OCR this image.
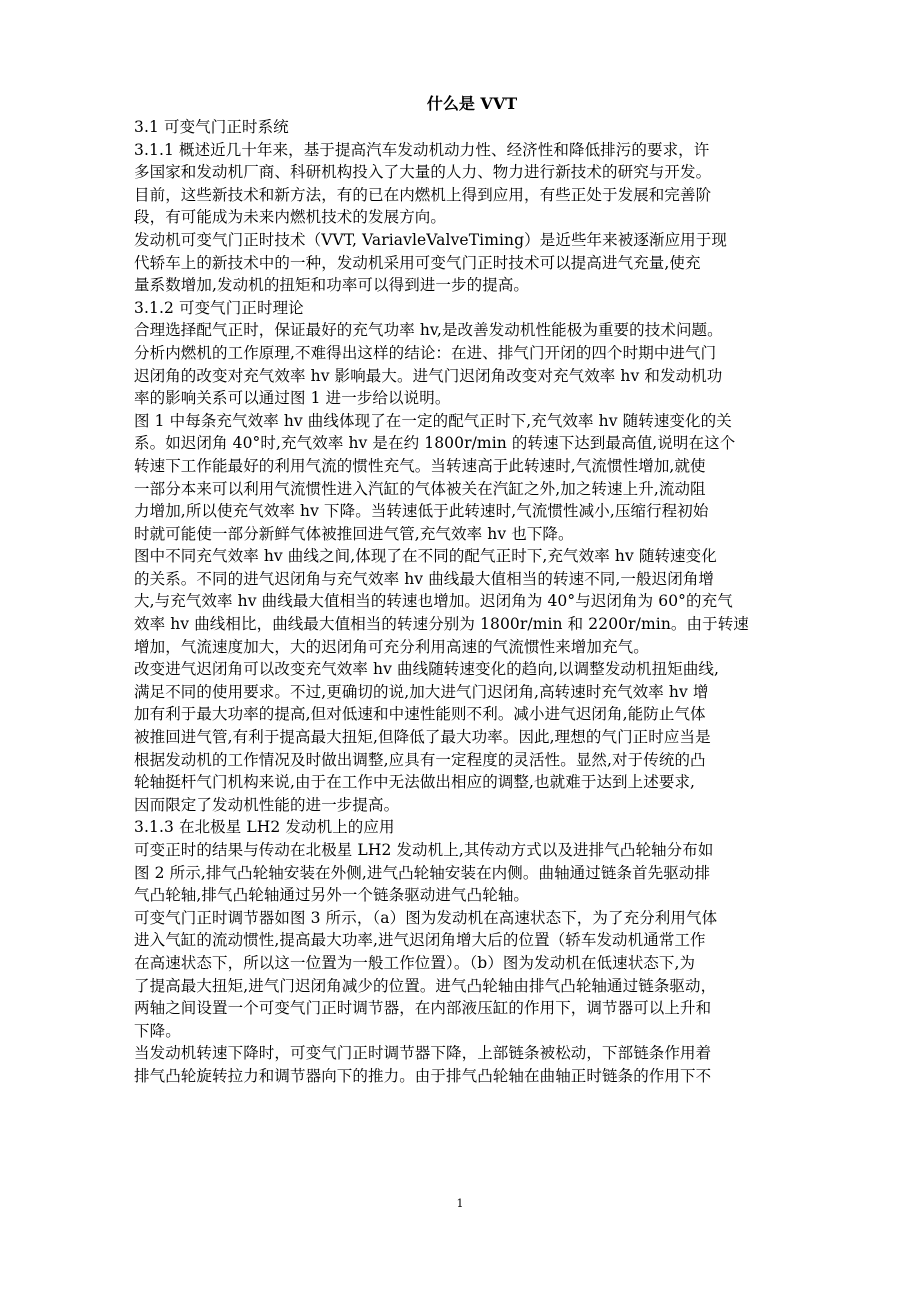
什么是 VVT

3.1 可变气门正时系统

3.1.1 概述近几十年来，基于提高汽车发动机动力性、经济性和降低排污的要求，许

多国家和发动机厂商、科研机构投入了大量的人力、物力进行新技术的研究与开发。

目前，这些新技术和新方法，有的已在内燃机上得到应用，有些正处于发展和完善阶

段，有可能成为未来内燃机技术的发展方向。

发动机可变气门正时技术（VVT, VariavleValveTiming）是近些年来被逐渐应用于现

代轿车上的新技术中的一种，发动机采用可变气门正时技术可以提高进气充量,使充

量系数增加,发动机的扭矩和功率可以得到进一步的提高。

3.1.2 可变气门正时理论

合理选择配气正时，保证最好的充气功率 hv,是改善发动机性能极为重要的技术问题。

分析内燃机的工作原理,不难得出这样的结论：在进、排气门开闭的四个时期中进气门

迟闭角的改变对充气效率 hv 影响最大。进气门迟闭角改变对充气效率 hv 和发动机功

率的影响关系可以通过图 1 进一步给以说明。

图 1 中每条充气效率 hv 曲线体现了在一定的配气正时下,充气效率 hv 随转速变化的关

系。如迟闭角 40°时,充气效率 hv 是在约 1800r/min 的转速下达到最高值,说明在这个

转速下工作能最好的利用气流的惯性充气。当转速高于此转速时,气流惯性增加,就使

一部分本来可以利用气流惯性进入汽缸的气体被关在汽缸之外,加之转速上升,流动阻

力增加,所以使充气效率 hv 下降。当转速低于此转速时,气流惯性减小,压缩行程初始

时就可能使一部分新鲜气体被推回进气管,充气效率 hv 也下降。

图中不同充气效率 hv 曲线之间,体现了在不同的配气正时下,充气效率 hv 随转速变化

的关系。不同的进气迟闭角与充气效率 hv 曲线最大值相当的转速不同,一般迟闭角增

大,与充气效率 hv 曲线最大值相当的转速也增加。迟闭角为 40°与迟闭角为 60°的充气

效率 hv 曲线相比，曲线最大值相当的转速分别为 1800r/min 和 2200r/min。由于转速

增加，气流速度加大，大的迟闭角可充分利用高速的气流惯性来增加充气。

改变进气迟闭角可以改变充气效率 hv 曲线随转速变化的趋向,以调整发动机扭矩曲线,

满足不同的使用要求。不过,更确切的说,加大进气门迟闭角,高转速时充气效率 hv 增

加有利于最大功率的提高,但对低速和中速性能则不利。减小进气迟闭角,能防止气体

被推回进气管,有利于提高最大扭矩,但降低了最大功率。因此,理想的气门正时应当是

根据发动机的工作情况及时做出调整,应具有一定程度的灵活性。显然,对于传统的凸

轮轴挺杆气门机构来说,由于在工作中无法做出相应的调整,也就难于达到上述要求,

因而限定了发动机性能的进一步提高。

3.1.3 在北极星 LH2 发动机上的应用

可变正时的结果与传动在北极星 LH2 发动机上,其传动方式以及进排气凸轮轴分布如

图 2 所示,排气凸轮轴安装在外侧,进气凸轮轴安装在内侧。曲轴通过链条首先驱动排

气凸轮轴,排气凸轮轴通过另外一个链条驱动进气凸轮轴。

可变气门正时调节器如图 3 所示，（a）图为发动机在高速状态下，为了充分利用气体

进入气缸的流动惯性,提高最大功率,进气迟闭角增大后的位置（轿车发动机通常工作

在高速状态下，所以这一位置为一般工作位置）。（b）图为发动机在低速状态下,为

了提高最大扭矩,进气门迟闭角减少的位置。进气凸轮轴由排气凸轮轴通过链条驱动，

两轴之间设置一个可变气门正时调节器，在内部液压缸的作用下，调节器可以上升和

下降。

当发动机转速下降时，可变气门正时调节器下降，上部链条被松动，下部链条作用着

排气凸轮旋转拉力和调节器向下的推力。由于排气凸轮轴在曲轴正时链条的作用下不

1
